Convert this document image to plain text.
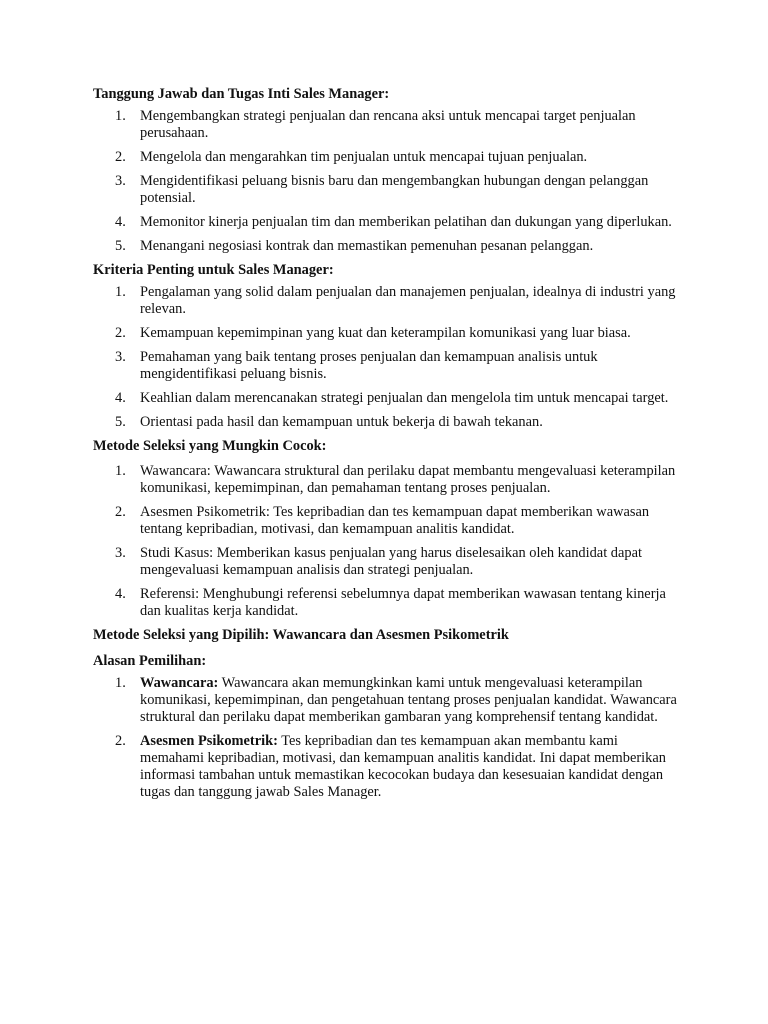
Tanggung Jawab dan Tugas Inti Sales Manager:
1. Mengembangkan strategi penjualan dan rencana aksi untuk mencapai target penjualan perusahaan.
2. Mengelola dan mengarahkan tim penjualan untuk mencapai tujuan penjualan.
3. Mengidentifikasi peluang bisnis baru dan mengembangkan hubungan dengan pelanggan potensial.
4. Memonitor kinerja penjualan tim dan memberikan pelatihan dan dukungan yang diperlukan.
5. Menangani negosiasi kontrak dan memastikan pemenuhan pesanan pelanggan.
Kriteria Penting untuk Sales Manager:
1. Pengalaman yang solid dalam penjualan dan manajemen penjualan, idealnya di industri yang relevan.
2. Kemampuan kepemimpinan yang kuat dan keterampilan komunikasi yang luar biasa.
3. Pemahaman yang baik tentang proses penjualan dan kemampuan analisis untuk mengidentifikasi peluang bisnis.
4. Keahlian dalam merencanakan strategi penjualan dan mengelola tim untuk mencapai target.
5. Orientasi pada hasil dan kemampuan untuk bekerja di bawah tekanan.
Metode Seleksi yang Mungkin Cocok:
1. Wawancara: Wawancara struktural dan perilaku dapat membantu mengevaluasi keterampilan komunikasi, kepemimpinan, dan pemahaman tentang proses penjualan.
2. Asesmen Psikometrik: Tes kepribadian dan tes kemampuan dapat memberikan wawasan tentang kepribadian, motivasi, dan kemampuan analitis kandidat.
3. Studi Kasus: Memberikan kasus penjualan yang harus diselesaikan oleh kandidat dapat mengevaluasi kemampuan analisis dan strategi penjualan.
4. Referensi: Menghubungi referensi sebelumnya dapat memberikan wawasan tentang kinerja dan kualitas kerja kandidat.
Metode Seleksi yang Dipilih: Wawancara dan Asesmen Psikometrik
Alasan Pemilihan:
1. Wawancara: Wawancara akan memungkinkan kami untuk mengevaluasi keterampilan komunikasi, kepemimpinan, dan pengetahuan tentang proses penjualan kandidat. Wawancara struktural dan perilaku dapat memberikan gambaran yang komprehensif tentang kandidat.
2. Asesmen Psikometrik: Tes kepribadian dan tes kemampuan akan membantu kami memahami kepribadian, motivasi, dan kemampuan analitis kandidat. Ini dapat memberikan informasi tambahan untuk memastikan kecocokan budaya dan kesesuaian kandidat dengan tugas dan tanggung jawab Sales Manager.
